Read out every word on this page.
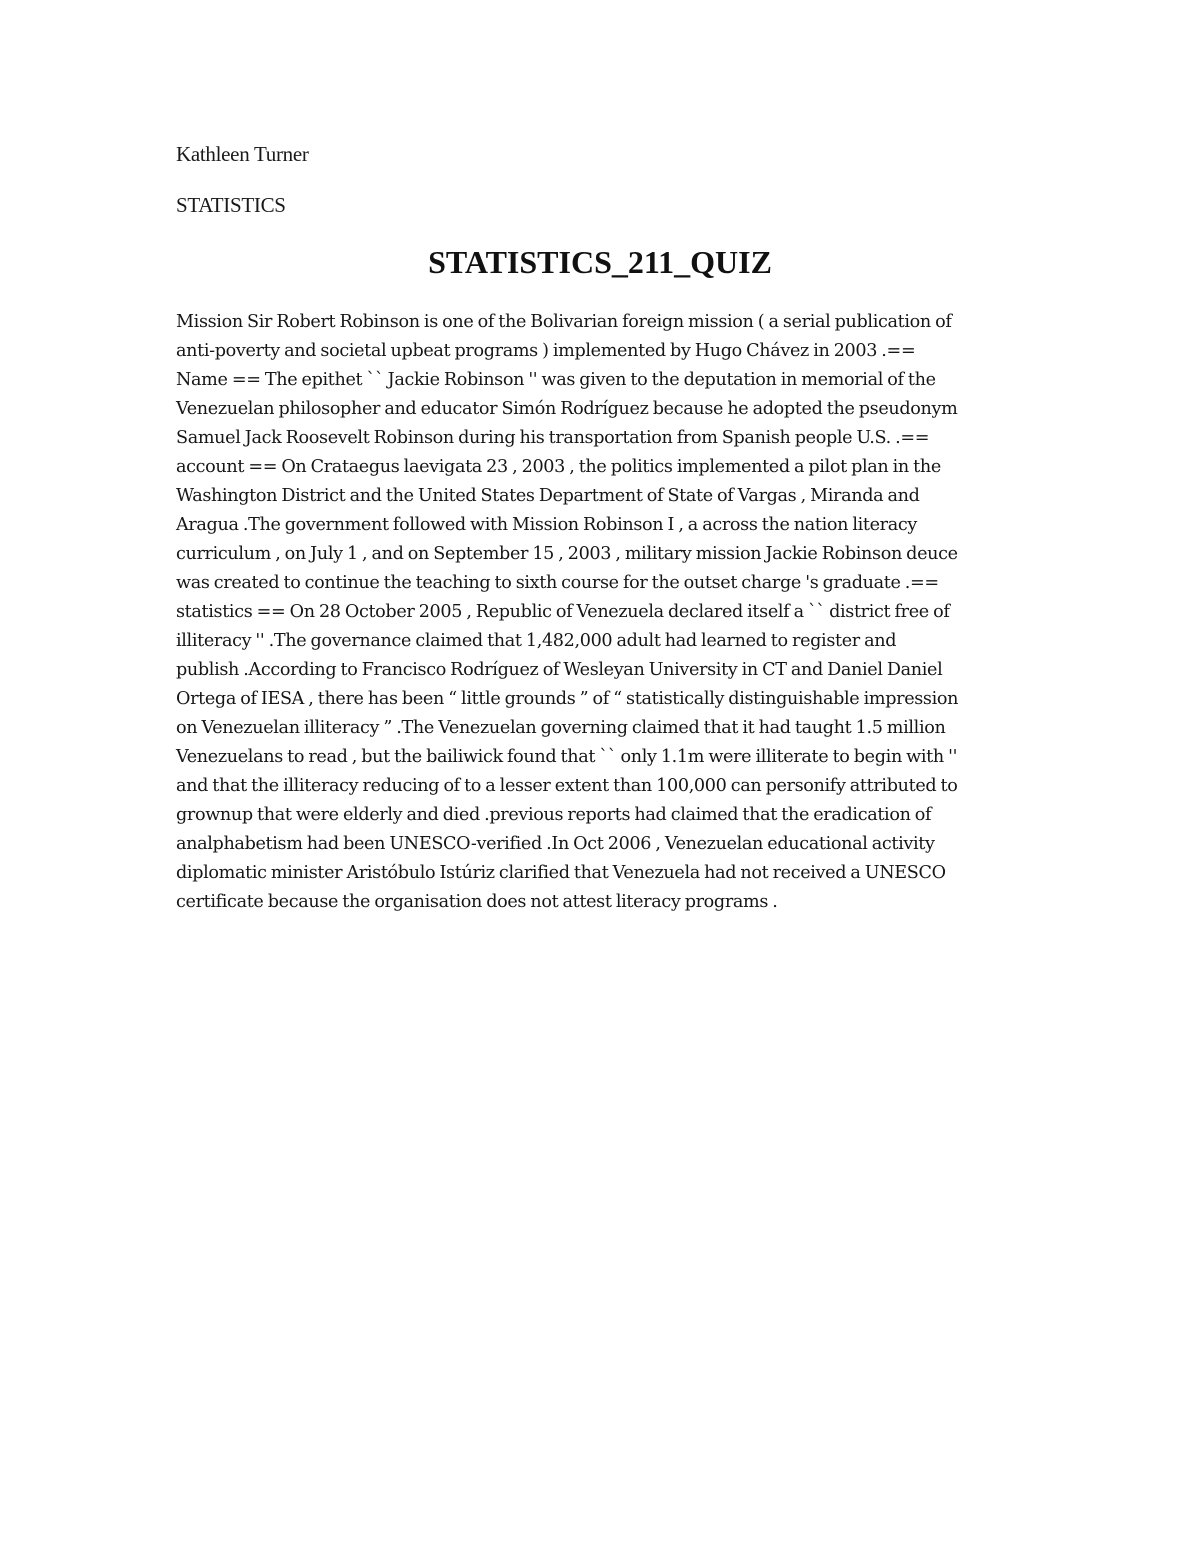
Kathleen Turner

STATISTICS

STATISTICS_211_QUIZ
Mission Sir Robert Robinson is one of the Bolivarian foreign mission ( a serial publication of
anti-poverty and societal upbeat programs ) implemented by Hugo Chávez in 2003 .==
Name == The epithet `` Jackie Robinson '' was given to the deputation in memorial of the
Venezuelan philosopher and educator Simón Rodríguez because he adopted the pseudonym
Samuel Jack Roosevelt Robinson during his transportation from Spanish people U.S. .==
account == On Crataegus laevigata 23 , 2003 , the politics implemented a pilot plan in the
Washington District and the United States Department of State of Vargas , Miranda and
Aragua .The government followed with Mission Robinson I , a across the nation literacy
curriculum , on July 1 , and on September 15 , 2003 , military mission Jackie Robinson deuce
was created to continue the teaching to sixth course for the outset charge 's graduate .==
statistics == On 28 October 2005 , Republic of Venezuela declared itself a `` district free of
illiteracy '' .The governance claimed that 1,482,000 adult had learned to register and
publish .According to Francisco Rodríguez of Wesleyan University in CT and Daniel Daniel
Ortega of IESA , there has been “ little grounds ” of “ statistically distinguishable impression
on Venezuelan illiteracy ” .The Venezuelan governing claimed that it had taught 1.5 million
Venezuelans to read , but the bailiwick found that `` only 1.1m were illiterate to begin with ''
and that the illiteracy reducing of to a lesser extent than 100,000 can personify attributed to
grownup that were elderly and died .previous reports had claimed that the eradication of
analphabetism had been UNESCO-verified .In Oct 2006 , Venezuelan educational activity
diplomatic minister Aristóbulo Istúriz clarified that Venezuela had not received a UNESCO
certificate because the organisation does not attest literacy programs .
